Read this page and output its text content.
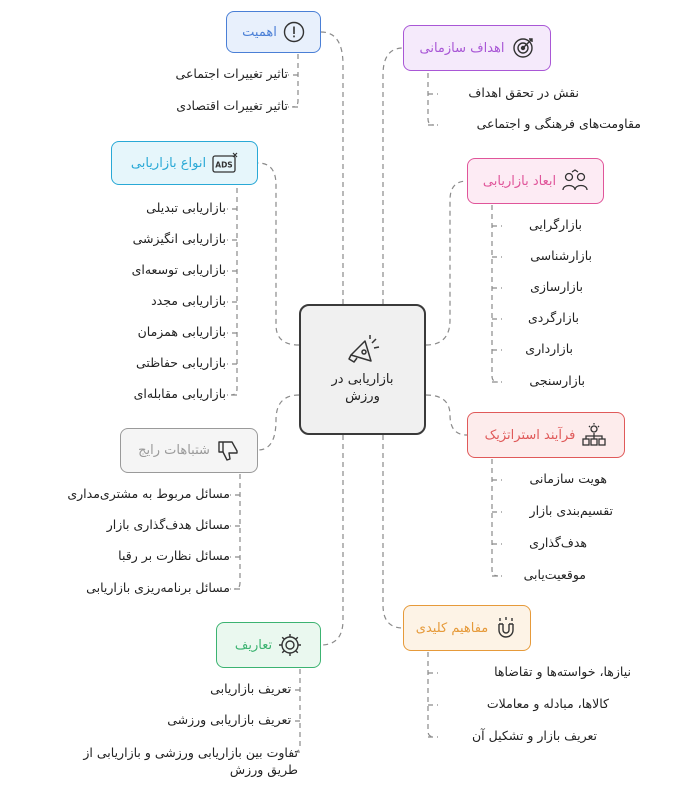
بازاریابی در
ورزش
اهمیت
تاثیر تغییرات اجتماعی
تاثیر تغییرات اقتصادی
ADS
انواع بازاریابی
بازاریابی تبدیلی
بازاریابی انگیزشی
بازاریابی توسعه‌ای
بازاریابی مجدد
بازاریابی همزمان
بازاریابی حفاظتی
بازاریابی مقابله‌ای
شتباهات رایج
مسائل مربوط به مشتری‌مداری
مسائل هدف‌گذاری بازار
مسائل نظارت بر رقبا
مسائل برنامه‌ریزی بازاریابی
تعاریف
تعریف بازاریابی
تعریف بازاریابی ورزشی
تفاوت بین بازاریابی ورزشی و بازاریابی از
طریق ورزش
اهداف سازمانی
نقش در تحقق اهداف
مقاومت‌های فرهنگی و اجتماعی
ابعاد بازاریابی
بازارگرایی
بازارشناسی
بازارسازی
بازارگردی
بازارداری
بازارسنجی
فرآیند استراتژیک
هویت سازمانی
تقسیم‌بندی بازار
هدف‌گذاری
موقعیت‌یابی
مفاهیم کلیدی
نیازها، خواسته‌ها و تقاضاها
کالاها، مبادله و معاملات
تعریف بازار و تشکیل آن
